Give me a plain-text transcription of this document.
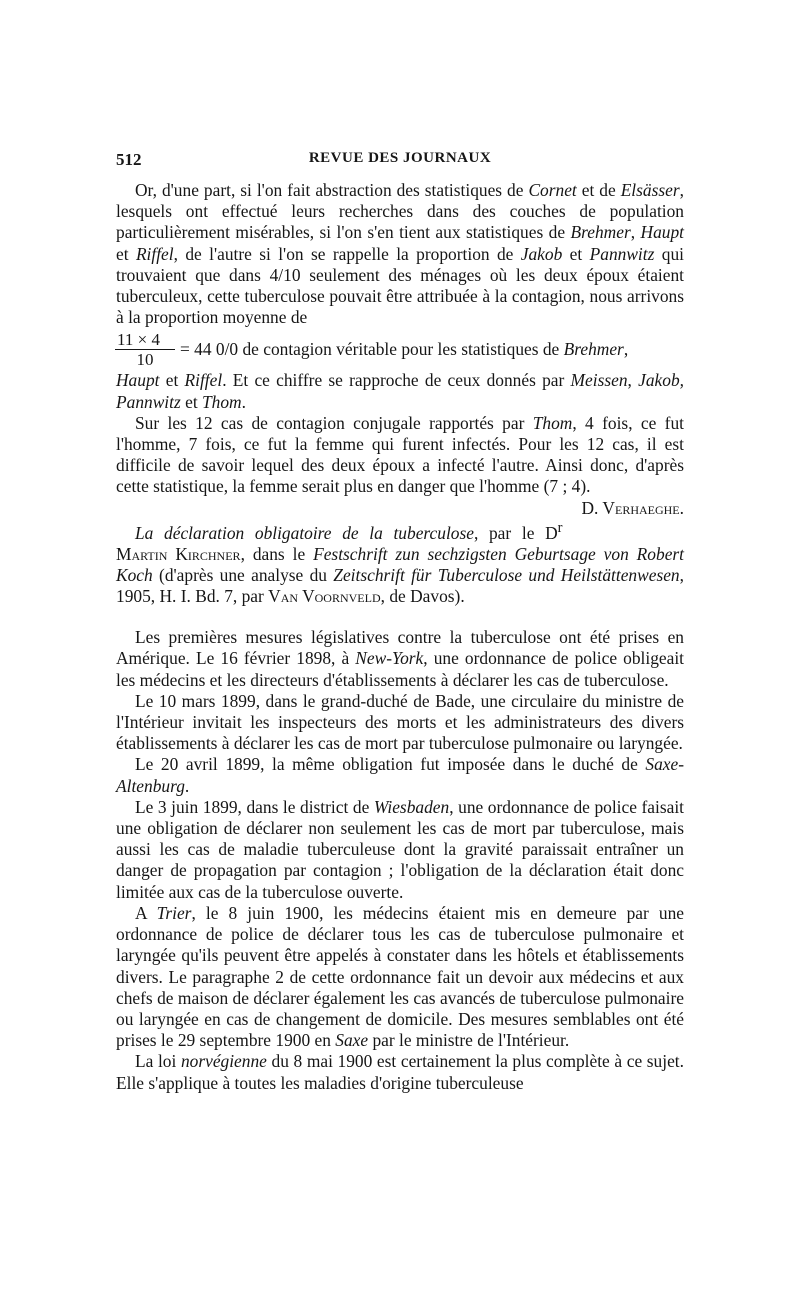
512	REVUE DES JOURNAUX

Or, d'une part, si l'on fait abstraction des statistiques de Cornet et de Elsässer, lesquels ont effectué leurs recherches dans des couches de population particulièrement misérables, si l'on s'en tient aux statistiques de Brehmer, Haupt et Riffel, de l'autre si l'on se rappelle la proportion de Jakob et Pannwitz qui trouvaient que dans 4/10 seulement des ménages où les deux époux étaient tuberculeux, cette tuberculose pouvait être attribuée à la contagion, nous arrivons à la proportion moyenne de

$\frac{11 \times 4}{10} = 44$ 0/0 de contagion véritable pour les statistiques de Brehmer,

Haupt et Riffel. Et ce chiffre se rapproche de ceux donnés par Meissen, Jakob, Pannwitz et Thom.

Sur les 12 cas de contagion conjugale rapportés par Thom, 4 fois, ce fut l'homme, 7 fois, ce fut la femme qui furent infectés. Pour les 12 cas, il est difficile de savoir lequel des deux époux a infecté l'autre. Ainsi donc, d'après cette statistique, la femme serait plus en danger que l'homme (7 ; 4).
D. Verhaeghe.

La déclaration obligatoire de la tuberculose, par le $D^r$ Martin Kirchner, dans le Festschrift zun sechzigsten Geburtsage von Robert Koch (d'après une analyse du Zeitschrift für Tuberculose und Heilstättenwesen, 1905, H. I. Bd. 7, par Van Voornveld, de Davos).

Les premières mesures législatives contre la tuberculose ont été prises en Amérique. Le 16 février 1898, à New-York, une ordonnance de police obligeait les médecins et les directeurs d'établissements à déclarer les cas de tuberculose.

Le 10 mars 1899, dans le grand-duché de Bade, une circulaire du ministre de l'Intérieur invitait les inspecteurs des morts et les administrateurs des divers établissements à déclarer les cas de mort par tuberculose pulmonaire ou laryngée.

Le 20 avril 1899, la même obligation fut imposée dans le duché de Saxe-Altenburg.

Le 3 juin 1899, dans le district de Wiesbaden, une ordonnance de police faisait une obligation de déclarer non seulement les cas de mort par tuberculose, mais aussi les cas de maladie tuberculeuse dont la gravité paraissait entraîner un danger de propagation par contagion ; l'obligation de la déclaration était donc limitée aux cas de la tuberculose ouverte.

A Trier, le 8 juin 1900, les médecins étaient mis en demeure par une ordonnance de police de déclarer tous les cas de tuberculose pulmonaire et laryngée qu'ils peuvent être appelés à constater dans les hôtels et établissements divers. Le paragraphe 2 de cette ordonnance fait un devoir aux médecins et aux chefs de maison de déclarer également les cas avancés de tuberculose pulmonaire ou laryngée en cas de changement de domicile. Des mesures semblables ont été prises le 29 septembre 1900 en Saxe par le ministre de l'Intérieur.

La loi norvégienne du 8 mai 1900 est certainement la plus complète à ce sujet. Elle s'applique à toutes les maladies d'origine tuberculeuse
